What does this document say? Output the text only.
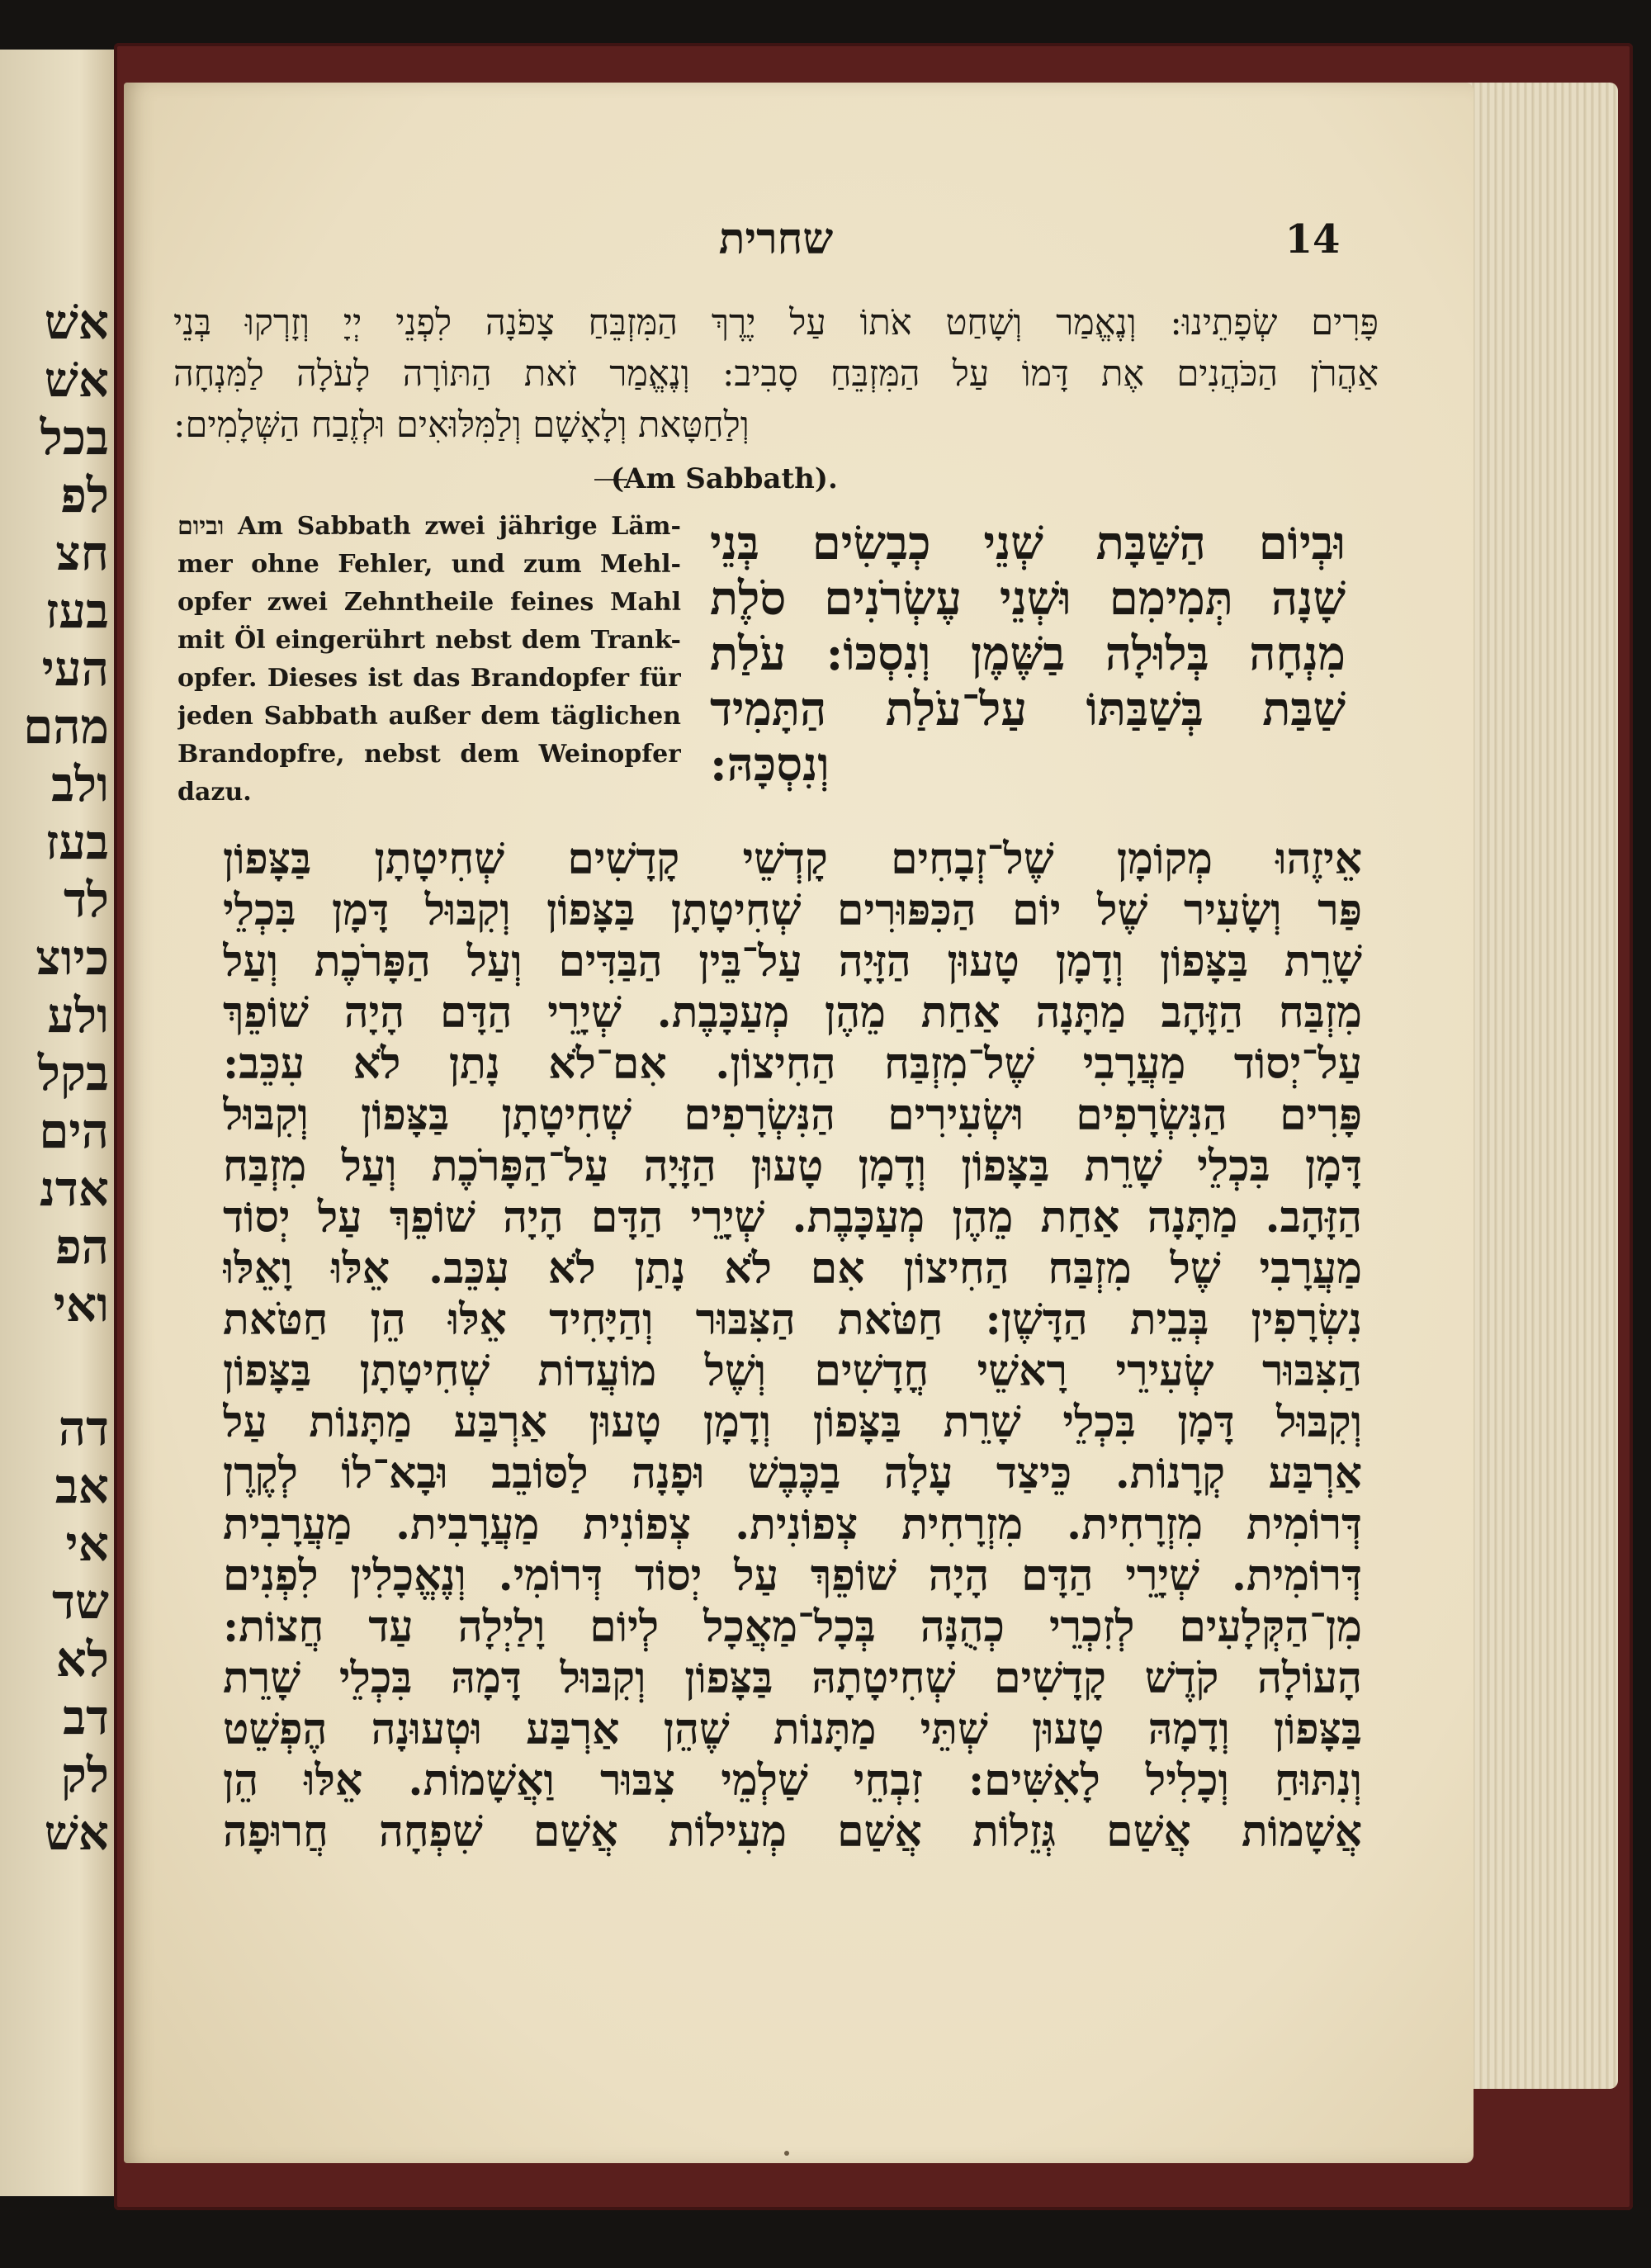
אשׁ
אשׁ
בכל
לפ
חצ
בעז
העי
מהם
ולב
בעז
לד
כיוצ
ולע
בקל
הים
אדנ
הפ
ואי
דה
אב
אי
שד
לא
דב
לק
אשׁ
שחרית	14
פָּרִים שְׂפָתֵינוּ: וְנֶאֱמַר וְשָׁחַט אֹתוֹ עַל יֶרֶךְ הַמִּזְבֵּחַ צָפֹנָה לִפְנֵי יְיָ וְזָרְקוּ בְּנֵי
אַהֲרֹן הַכֹּהֲנִים אֶת דָּמוֹ עַל הַמִּזְבֵּחַ סָבִיב: וְנֶאֱמַר זֹאת הַתּוֹרָה לָעֹלָה לַמִּנְחָה
וְלַחַטָּאת וְלָאָשָׁם וְלַמִּלּוּאִים וּלְזֶבַח הַשְּׁלָמִים:
(Am Sabbath).
וביום Am Sabbath zwei jährige Läm-
mer ohne Fehler, und zum Mehl-
opfer zwei Zehntheile feines Mahl
mit Öl eingerührt nebst dem Trank-
opfer. Dieses ist das Brandopfer für
jeden Sabbath außer dem täglichen
Brandopfre, nebst dem Weinopfer
dazu.
וּבְיוֹם הַשַּׁבָּת שְׁנֵי כְבָשִׂים בְּנֵי
שָׁנָה תְּמִימִם וּשְׁנֵי עֶשְׂרֹנִים סֹלֶת
מִנְחָה בְּלוּלָה בַשֶּׁמֶן וְנִסְכּוֹ: עֹלַת
שַׁבַּת בְּשַׁבַּתּוֹ עַל־עֹלַת הַתָּמִיד
וְנִסְכָּהּ:
אֵיזֶהוּ מְקוֹמָן שֶׁל־זְבָחִים קָדְשֵׁי קָדָשִׁים שְׁחִיטָתָן בַּצָּפוֹן
פַּר וְשָׂעִיר שֶׁל יוֹם הַכִּפּוּרִים שְׁחִיטָתָן בַּצָּפוֹן וְקִבּוּל דָּמָן בִּכְלֵי
שָׁרֵת בַּצָּפוֹן וְדָמָן טָעוּן הַזָּיָה עַל־בֵּין הַבַּדִּים וְעַל הַפָּרֹכֶת וְעַל
מִזְבַּח הַזָּהָב מַתָּנָה אַחַת מֵהֶן מְעַכָּבֶת. שְׁיָרֵי הַדָּם הָיָה שׁוֹפֵךְ
עַל־יְסוֹד מַעֲרָבִי שֶׁל־מִזְבַּח הַחִיצוֹן. אִם־לֹא נָתַן לֹא עִכֵּב:
פָּרִים הַנִּשְׂרָפִים וּשְׂעִירִים הַנִּשְׂרָפִים שְׁחִיטָתָן בַּצָּפוֹן וְקִבּוּל
דָּמָן בִּכְלֵי שָׁרֵת בַּצָּפוֹן וְדָמָן טָעוּן הַזָּיָה עַל־הַפָּרֹכֶת וְעַל מִזְבַּח
הַזָּהָב. מַתָּנָה אַחַת מֵהֶן מְעַכָּבֶת. שְׁיָרֵי הַדָּם הָיָה שׁוֹפֵךְ עַל יְסוֹד
מַעֲרָבִי שֶׁל מִזְבַּח הַחִיצוֹן אִם לֹא נָתַן לֹא עִכֵּב. אֵלּוּ וָאֵלּוּ
נִשְׂרָפִין בְּבֵית הַדָּשֶׁן: חַטֹּאת הַצִּבּוּר וְהַיָּחִיד אֵלּוּ הֵן חַטֹּאת
הַצִּבּוּר שְׂעִירֵי רָאשֵׁי חֳדָשִׁים וְשֶׁל מוֹעֲדוֹת שְׁחִיטָתָן בַּצָּפוֹן
וְקִבּוּל דָּמָן בִּכְלֵי שָׁרֵת בַּצָּפוֹן וְדָמָן טָעוּן אַרְבַּע מַתָּנוֹת עַל
אַרְבַּע קְרָנוֹת. כֵּיצַד עָלָה בַכֶּבֶשׁ וּפָנָה לַסּוֹבֵב וּבָא־לוֹ לְקֶרֶן
דְּרוֹמִית מִזְרָחִית. מִזְרָחִית צְפוֹנִית. צְפוֹנִית מַעֲרָבִית. מַעֲרָבִית
דְּרוֹמִית. שְׁיָרֵי הַדָּם הָיָה שׁוֹפֵךְ עַל יְסוֹד דְּרוֹמִי. וְנֶאֱכָלִין לִפְנִים
מִן־הַקְּלָעִים לְזִכְרֵי כְהֻנָּה בְּכָל־מַאֲכָל לְיוֹם וָלַיְלָה עַד חֲצוֹת:
הָעוֹלָה קֹדֶשׁ קָדָשִׁים שְׁחִיטָתָהּ בַּצָּפוֹן וְקִבּוּל דָּמָהּ בִּכְלֵי שָׁרֵת
בַּצָּפוֹן וְדָמָהּ טָעוּן שְׁתֵּי מַתָּנוֹת שֶׁהֵן אַרְבַּע וּטְעוּנָה הֶפְשֵׁט
וְנִתּוּחַ וְכָלִיל לָאִשִּׁים: זִבְחֵי שַׁלְמֵי צִבּוּר וַאֲשָׁמוֹת. אֵלּוּ הֵן
אֲשָׁמוֹת אֲשַׁם גְּזֵלוֹת אֲשַׁם מְעִילוֹת אֲשַׁם שִׁפְחָה חֲרוּפָה
